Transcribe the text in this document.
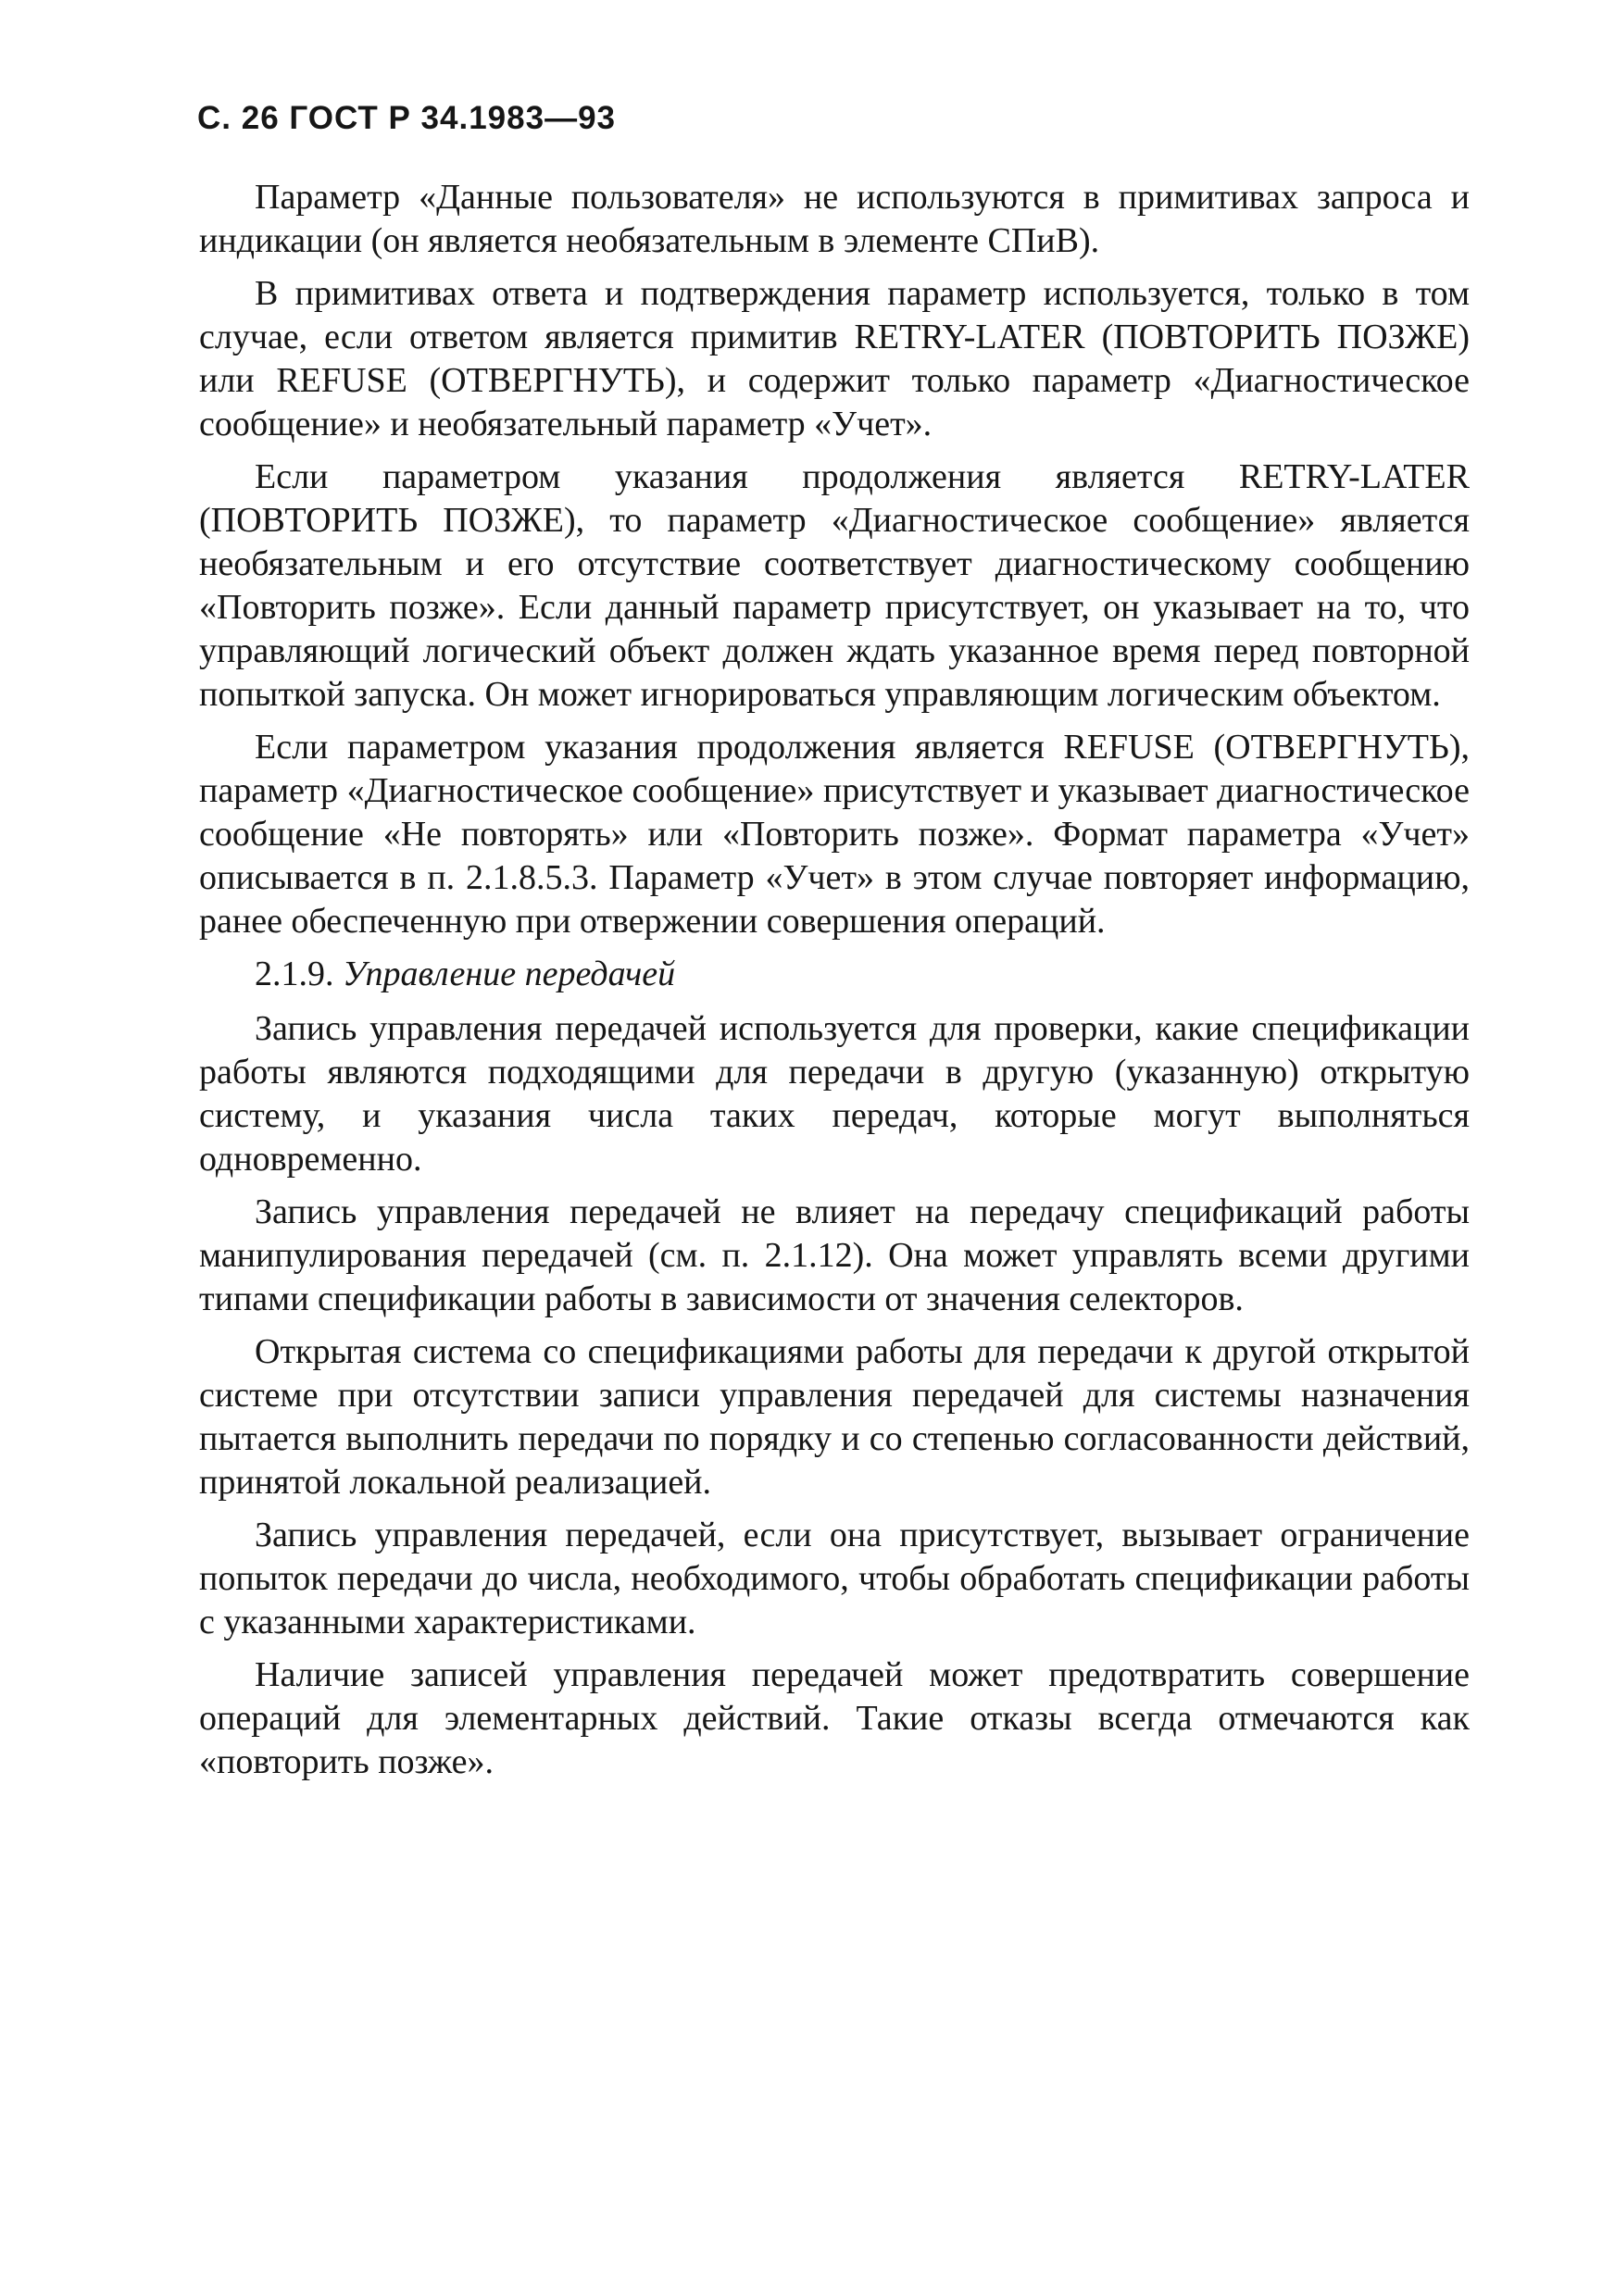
С. 26 ГОСТ Р 34.1983—93

Параметр «Данные пользователя» не используются в примитивах запроса и индикации (он является необязательным в элементе СПиВ).

В примитивах ответа и подтверждения параметр используется, только в том случае, если ответом является примитив RETRY-LATER (ПОВТОРИТЬ ПОЗЖЕ) или REFUSE (ОТВЕРГНУТЬ), и содержит только параметр «Диагностическое сообщение» и необязательный параметр «Учет».

Если параметром указания продолжения является RETRY-LATER (ПОВТОРИТЬ ПОЗЖЕ), то параметр «Диагностическое сообщение» является необязательным и его отсутствие соответствует диагностическому сообщению «Повторить позже». Если данный параметр присутствует, он указывает на то, что управляющий логический объект должен ждать указанное время перед повторной попыткой запуска. Он может игнорироваться управляющим логическим объектом.

Если параметром указания продолжения является REFUSE (ОТВЕРГНУТЬ), параметр «Диагностическое сообщение» присутствует и указывает диагностическое сообщение «Не повторять» или «Повторить позже». Формат параметра «Учет» описывается в п. 2.1.8.5.3. Параметр «Учет» в этом случае повторяет информацию, ранее обеспеченную при отвержении совершения операций.

2.1.9. Управление передачей

Запись управления передачей используется для проверки, какие спецификации работы являются подходящими для передачи в другую (указанную) открытую систему, и указания числа таких передач, которые могут выполняться одновременно.

Запись управления передачей не влияет на передачу спецификаций работы манипулирования передачей (см. п. 2.1.12). Она может управлять всеми другими типами спецификации работы в зависимости от значения селекторов.

Открытая система со спецификациями работы для передачи к другой открытой системе при отсутствии записи управления передачей для системы назначения пытается выполнить передачи по порядку и со степенью согласованности действий, принятой локальной реализацией.

Запись управления передачей, если она присутствует, вызывает ограничение попыток передачи до числа, необходимого, чтобы обработать спецификации работы с указанными характеристиками.

Наличие записей управления передачей может предотвратить совершение операций для элементарных действий. Такие отказы всегда отмечаются как «повторить позже».
